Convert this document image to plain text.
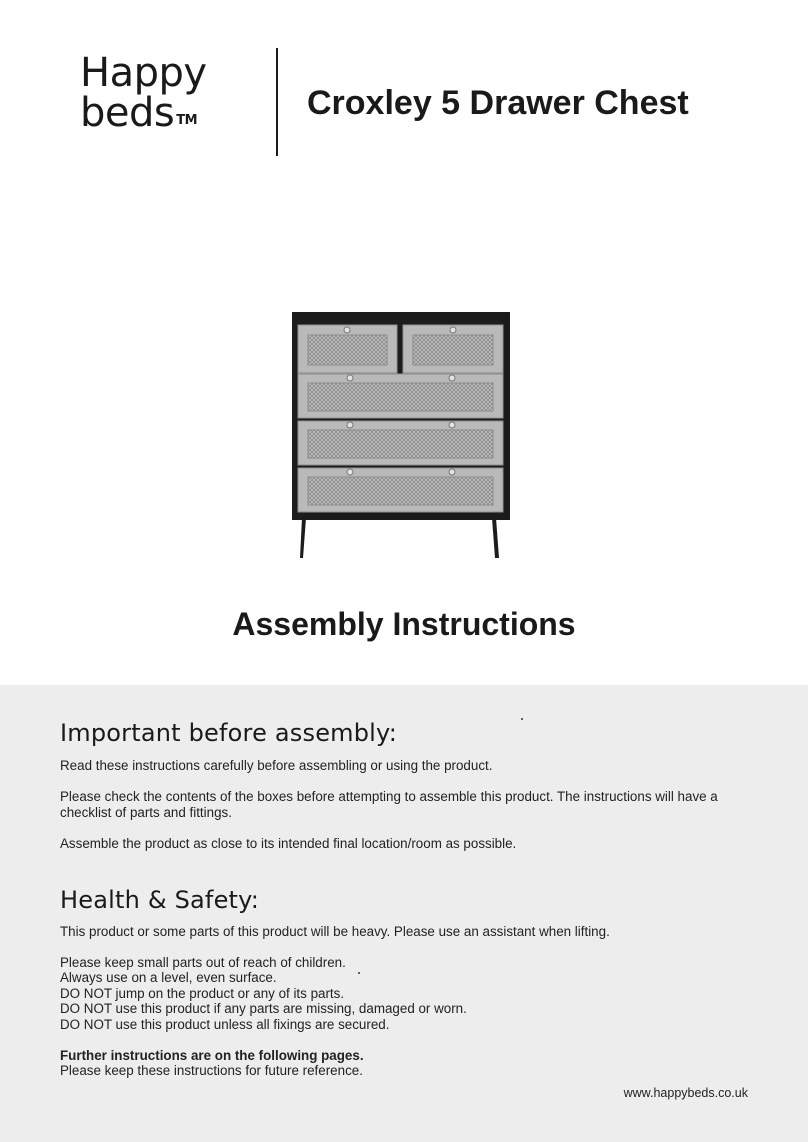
Happy
beds ™	Croxley 5 Drawer Chest
Assembly Instructions
Important before assembly:
Read these instructions carefully before assembling or using the product.
Please check the contents of the boxes before attempting to assemble this product. The instructions will have a checklist of parts and fittings.
Assemble the product as close to its intended final location/room as possible.
Health & Safety:
This product or some parts of this product will be heavy. Please use an assistant when lifting.
Please keep small parts out of reach of children.
Always use on a level, even surface.
DO NOT jump on the product or any of its parts.
DO NOT use this product if any parts are missing, damaged or worn.
DO NOT use this product unless all fixings are secured.
Further instructions are on the following pages.
Please keep these instructions for future reference.
www.happybeds.co.uk
